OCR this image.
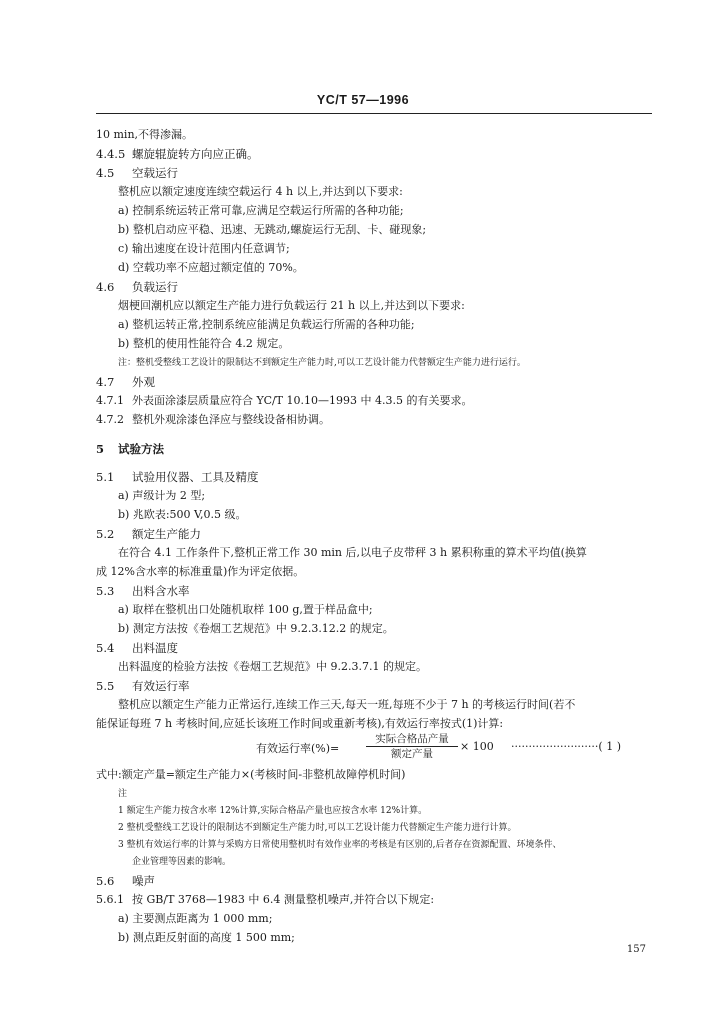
YC/T 57—1996
10 min,不得渗漏。
4.4.5 螺旋辊旋转方向应正确。
4.5 空载运行
整机应以额定速度连续空载运行 4 h 以上,并达到以下要求:
a) 控制系统运转正常可靠,应满足空载运行所需的各种功能;
b) 整机启动应平稳、迅速、无跳动,螺旋运行无刮、卡、碰现象;
c) 输出速度在设计范围内任意调节;
d) 空载功率不应超过额定值的 70%。
4.6 负载运行
烟梗回潮机应以额定生产能力进行负载运行 21 h 以上,并达到以下要求:
a) 整机运转正常,控制系统应能满足负载运行所需的各种功能;
b) 整机的使用性能符合 4.2 规定。
注：整机受整线工艺设计的限制达不到额定生产能力时,可以工艺设计能力代替额定生产能力进行运行。
4.7 外观
4.7.1 外表面涂漆层质量应符合 YC/T 10.10—1993 中 4.3.5 的有关要求。
4.7.2 整机外观涂漆色泽应与整线设备相协调。
5 试验方法
5.1 试验用仪器、工具及精度
a) 声级计为 2 型;
b) 兆欧表:500 V,0.5 级。
5.2 额定生产能力
在符合 4.1 工作条件下,整机正常工作 30 min 后,以电子皮带秤 3 h 累积称重的算术平均值(换算
成 12%含水率的标准重量)作为评定依据。
5.3 出料含水率
a) 取样在整机出口处随机取样 100 g,置于样品盒中;
b) 测定方法按《卷烟工艺规范》中 9.2.3.12.2 的规定。
5.4 出料温度
出料温度的检验方法按《卷烟工艺规范》中 9.2.3.7.1 的规定。
5.5 有效运行率
整机应以额定生产能力正常运行,连续工作三天,每天一班,每班不少于 7 h 的考核运行时间(若不
能保证每班 7 h 考核时间,应延长该班工作时间或重新考核),有效运行率按式(1)计算:
有效运行率(%)=
实际合格品产量
额定产量
× 100 ·························( 1 )
式中:额定产量=额定生产能力×(考核时间-非整机故障停机时间)
注
1 额定生产能力按含水率 12%计算,实际合格品产量也应按含水率 12%计算。
2 整机受整线工艺设计的限制达不到额定生产能力时,可以工艺设计能力代替额定生产能力进行计算。
3 整机有效运行率的计算与采购方日常使用整机时有效作业率的考核是有区别的,后者存在资源配置、环境条件、
企业管理等因素的影响。
5.6 噪声
5.6.1 按 GB/T 3768—1983 中 6.4 测量整机噪声,并符合以下规定:
a) 主要测点距离为 1 000 mm;
b) 测点距反射面的高度 1 500 mm;
157
